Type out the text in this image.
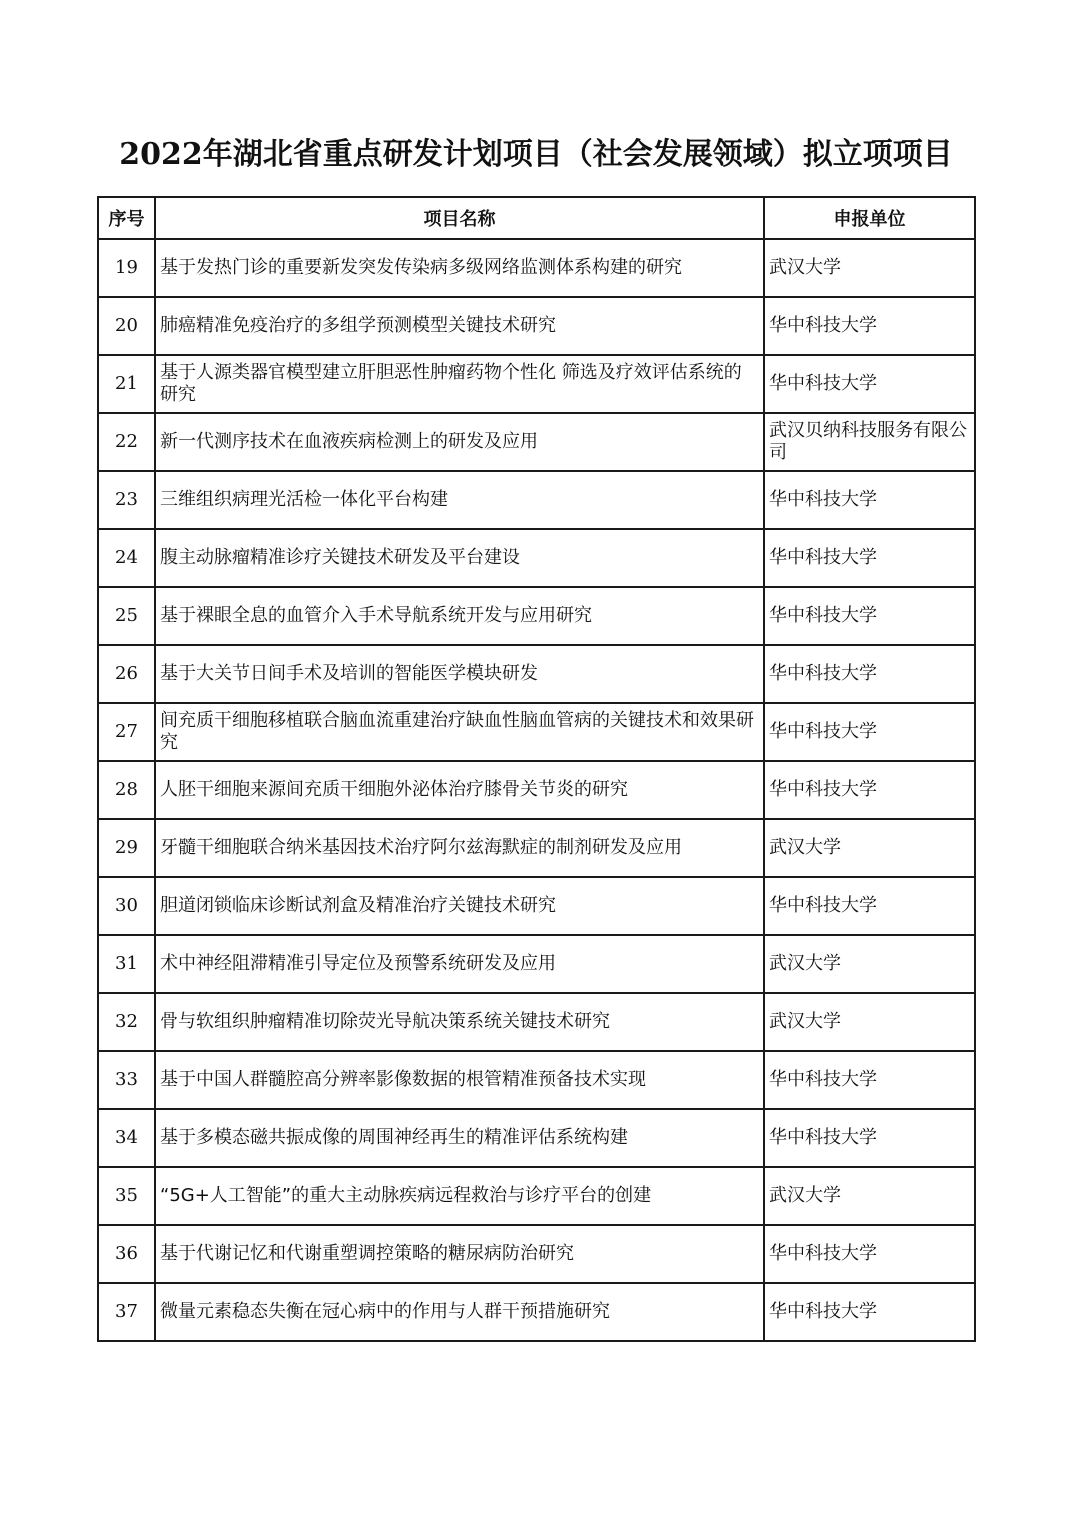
2022年湖北省重点研发计划项目（社会发展领域）拟立项项目
序号	项目名称	申报单位
19	基于发热门诊的重要新发突发传染病多级网络监测体系构建的研究	武汉大学
20	肺癌精准免疫治疗的多组学预测模型关键技术研究	华中科技大学
21	基于人源类器官模型建立肝胆恶性肿瘤药物个性化 筛选及疗效评估系统的研究	华中科技大学
22	新一代测序技术在血液疾病检测上的研发及应用	武汉贝纳科技服务有限公司
23	三维组织病理光活检一体化平台构建	华中科技大学
24	腹主动脉瘤精准诊疗关键技术研发及平台建设	华中科技大学
25	基于裸眼全息的血管介入手术导航系统开发与应用研究	华中科技大学
26	基于大关节日间手术及培训的智能医学模块研发	华中科技大学
27	间充质干细胞移植联合脑血流重建治疗缺血性脑血管病的关键技术和效果研究	华中科技大学
28	人胚干细胞来源间充质干细胞外泌体治疗膝骨关节炎的研究	华中科技大学
29	牙髓干细胞联合纳米基因技术治疗阿尔兹海默症的制剂研发及应用	武汉大学
30	胆道闭锁临床诊断试剂盒及精准治疗关键技术研究	华中科技大学
31	术中神经阻滞精准引导定位及预警系统研发及应用	武汉大学
32	骨与软组织肿瘤精准切除荧光导航决策系统关键技术研究	武汉大学
33	基于中国人群髓腔高分辨率影像数据的根管精准预备技术实现	华中科技大学
34	基于多模态磁共振成像的周围神经再生的精准评估系统构建	华中科技大学
35	“5G+人工智能”的重大主动脉疾病远程救治与诊疗平台的创建	武汉大学
36	基于代谢记忆和代谢重塑调控策略的糖尿病防治研究	华中科技大学
37	微量元素稳态失衡在冠心病中的作用与人群干预措施研究	华中科技大学
